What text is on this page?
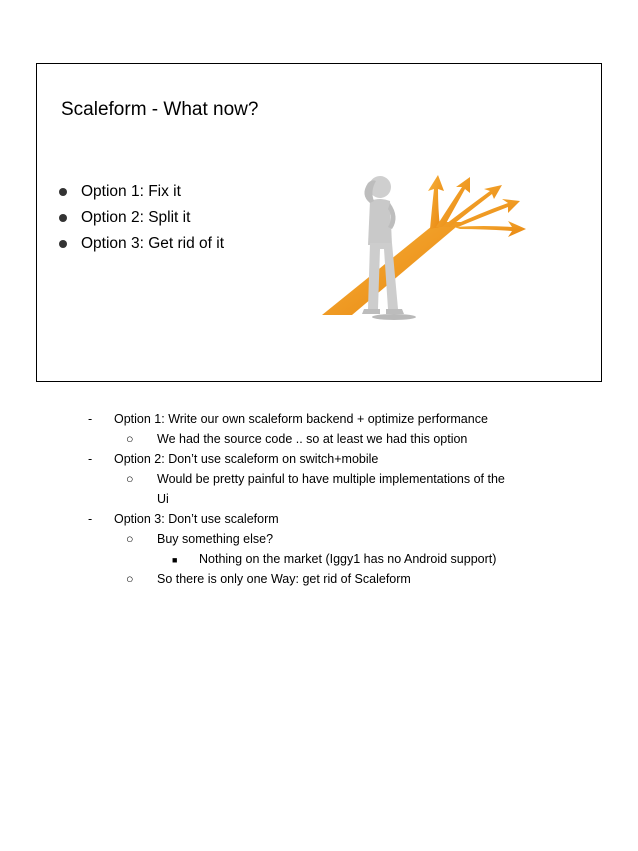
Scaleform - What now?
Option 1: Fix it
Option 2: Split it
Option 3: Get rid of it
- Option 1: Write our own scaleform backend + optimize performance
○ We had the source code .. so at least we had this option
- Option 2: Don’t use scaleform on switch+mobile
○ Would be pretty painful to have multiple implementations of the
Ui
- Option 3: Don’t use scaleform
○ Buy something else?
■ Nothing on the market (Iggy1 has no Android support)
○ So there is only one Way: get rid of Scaleform
